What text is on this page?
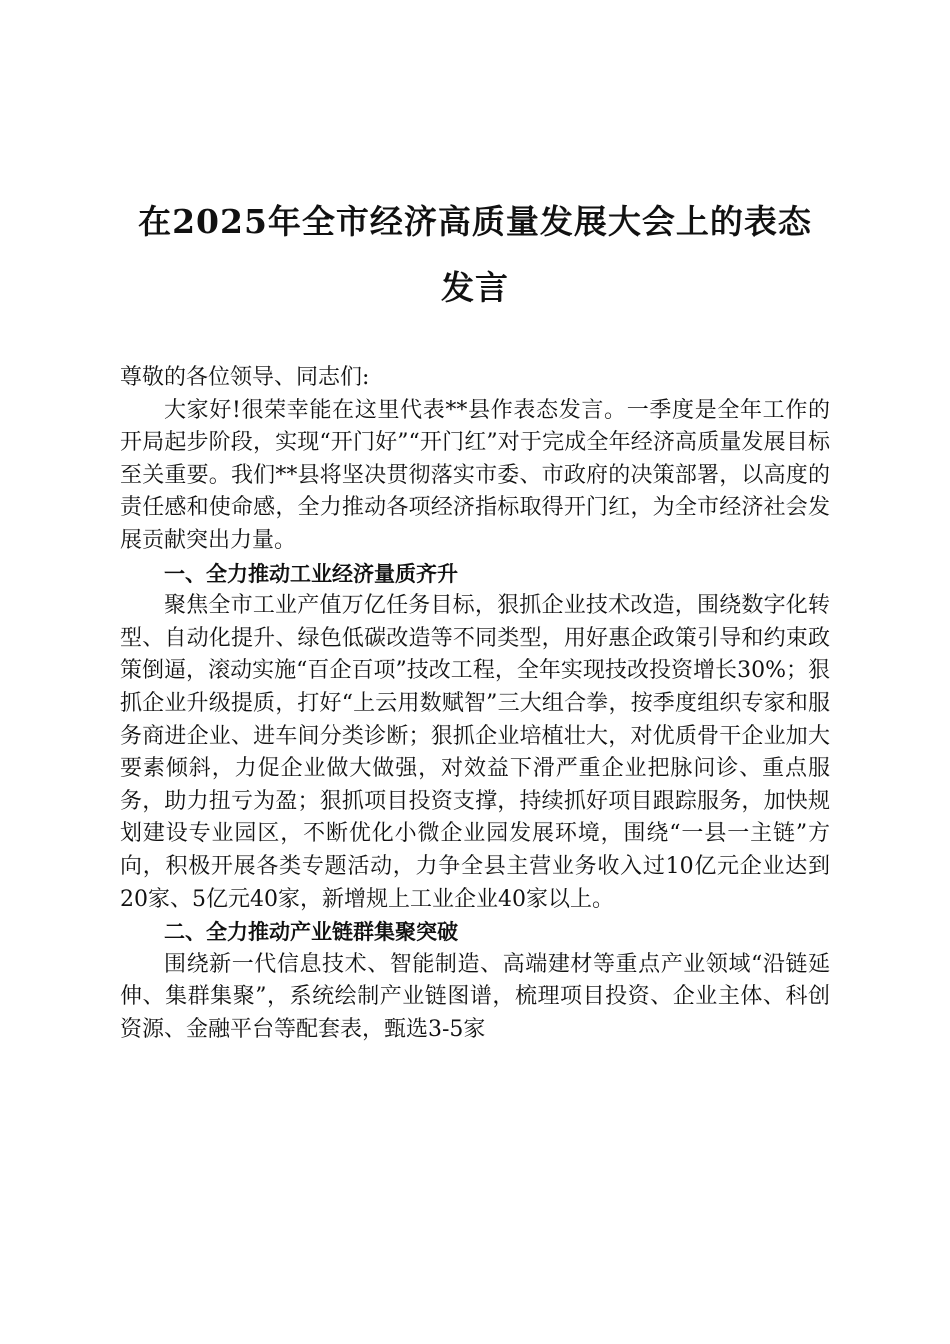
在2025年全市经济高质量发展大会上的表态
发言

尊敬的各位领导、同志们:

大家好!很荣幸能在这里代表**县作表态发言。一季度是全年工作的开局起步阶段，实现“开门好”“开门红”对于完成全年经济高质量发展目标至关重要。我们**县将坚决贯彻落实市委、市政府的决策部署，以高度的责任感和使命感，全力推动各项经济指标取得开门红，为全市经济社会发展贡献突出力量。

一、全力推动工业经济量质齐升

聚焦全市工业产值万亿任务目标，狠抓企业技术改造，围绕数字化转型、自动化提升、绿色低碳改造等不同类型，用好惠企政策引导和约束政策倒逼，滚动实施“百企百项”技改工程，全年实现技改投资增长30%；狠抓企业升级提质，打好“上云用数赋智”三大组合拳，按季度组织专家和服务商进企业、进车间分类诊断；狠抓企业培植壮大，对优质骨干企业加大要素倾斜，力促企业做大做强，对效益下滑严重企业把脉问诊、重点服务，助力扭亏为盈；狠抓项目投资支撑，持续抓好项目跟踪服务，加快规划建设专业园区，不断优化小微企业园发展环境，围绕“一县一主链”方向，积极开展各类专题活动，力争全县主营业务收入过10亿元企业达到20家、5亿元40家，新增规上工业企业40家以上。

二、全力推动产业链群集聚突破

围绕新一代信息技术、智能制造、高端建材等重点产业领域“沿链延伸、集群集聚”，系统绘制产业链图谱，梳理项目投资、企业主体、科创资源、金融平台等配套表，甄选3-5家
